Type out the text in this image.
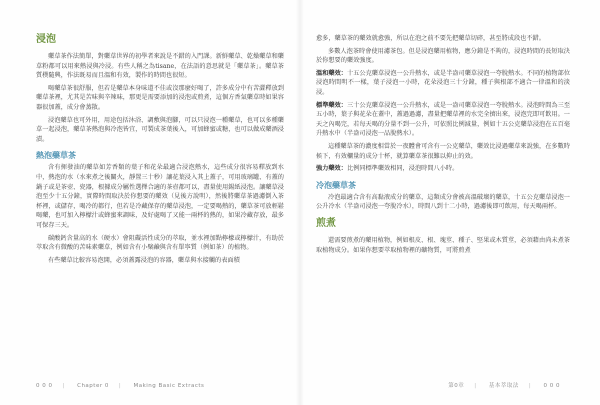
浸泡

藥草茶作法簡單，對藥草世界的初學者來說是不錯的入門課。新鮮藥草、乾燥藥草和藥草粉都可以用來熱浸與冷浸。有些人稱之為tisane，在法語的意思就是「藥草茶」。藥草茶質樸隨興，作法既易而且溫和有效，製作的時間也很短。

喝藥草茶很舒服，但若是藥草本身味道不佳或沒那麼好喝了，許多成分中有苦澀釋放到藥草茶裡，尤其是苦味與辛辣味，那更是需要添加的浸泡或煎煮，這個方香氣藥草時如果容器很加蓋，成分會蒸散。

浸泡藥草也可外用，用途包括沐浴、調敷與泡腳，可以只浸泡一種藥草，也可以多種藥草一起浸泡，藥草茶熱泡與冷泡皆宜，可製成茶葉後入，可加蜂蜜或糖，也可以做成藥酒浸漬。

熱泡藥草茶

含有揮發油的藥草如芳香類的葉子和花朵最適合浸泡熱水，這些成分很容易釋放到水中，熱泡的水（水來煮之後關火，靜置三十秒）讓花葉浸入其上蓋子，可用玻璃罐、有蓋的鍋子或是茶壺、瓷器，根據成分屬性選擇合適的茶壺都可以，盡量使用錫紙浸泡。讓藥草浸泡至少十五分鐘，實際時間取決於你想要的藥效（見後方說明），然後將藥草茶過濾倒入茶杯裡，或儲存，喝冷的都行，但若是冷藏保存的藥草浸泡，一定要喝熱的，藥草茶可放輕鬆喝藥，也可加入檸檬汁或蜂蜜來調味，及好處喝了又能一兩杯的熱的，如果冷藏存放，最多可保存三天。

碳酸鈣含量高的水（硬水）會阻礙活性成分的萃取，並水裡加點檸檬或檸檬汁，有助於萃取含有微酸的苦味素藥草，例如含有小檗鹼與含有單寧質（例如茶）的植物。

有些藥草比較容易泡開，必須蓋露浸泡的容器，藥草與水接觸的表面積

愈多，藥草茶的藥效就愈強，所以在泡之前不要先把藥草切碎，甚至將成段也不錯。

多數人泡茶時會使用濾茶包。但是浸泡藥用植物，應分鐘是不夠的，浸泡時間的長短取決於你想要的藥效強度。

溫和藥效：十五公克藥草浸泡一公升熱水，或是半盎司藥草浸泡一夸脫熱水。不同的植物部位浸泡時間明不一樣，葉子浸泡一小時，花朵浸泡三十分鐘，種子與根部不適合一律溫和的淡浸。
標準藥效：三十公克藥草浸泡一公升熱水，或是一盎司藥草浸泡一夸脫熱水。浸泡時間為三至五小時，葉子與花朵在蓋中，蓋過過濾，盡量把藥草裡的水完全擠出來，浸泡完即可飲用。一天之內喝完，若每天喝的分量不到一公升，可依照比例減量，例如十五公克藥草浸泡在五百毫升熱水中（半盎司浸泡一品脫熱水）。

這種藥草茶的濃度相當於一夜體會可含有一公克藥草，藥效比浸過藥草來說強，在多數時候下，有效欄量的成分十杯，就算藥草茶很難以抑止的效。

強力藥效：比例同標準藥效相同，浸泡時間八小時。
冷泡藥草茶

冷泡最適合含有高黏液成分的藥草，這類成分會被高溫破壞的藥草，十五公克藥草浸泡一公升冷水（半盎司浸泡一夸脫冷水），時間八到十二小時，過濾後即可飲用，每天喝兩杯。

煎煮

還需要煎煮的藥用植物，例如根皮、根、塊莖、種子、堅果或木質莖，必須藉由尚未煮茶取植物成分。如果你想要萃取植物裡的礦物質，可將煎煮

0 0 0 | Chapter 0 | Making Basic Extracts	第0章 | 基本萃取法 | 0 0 0
